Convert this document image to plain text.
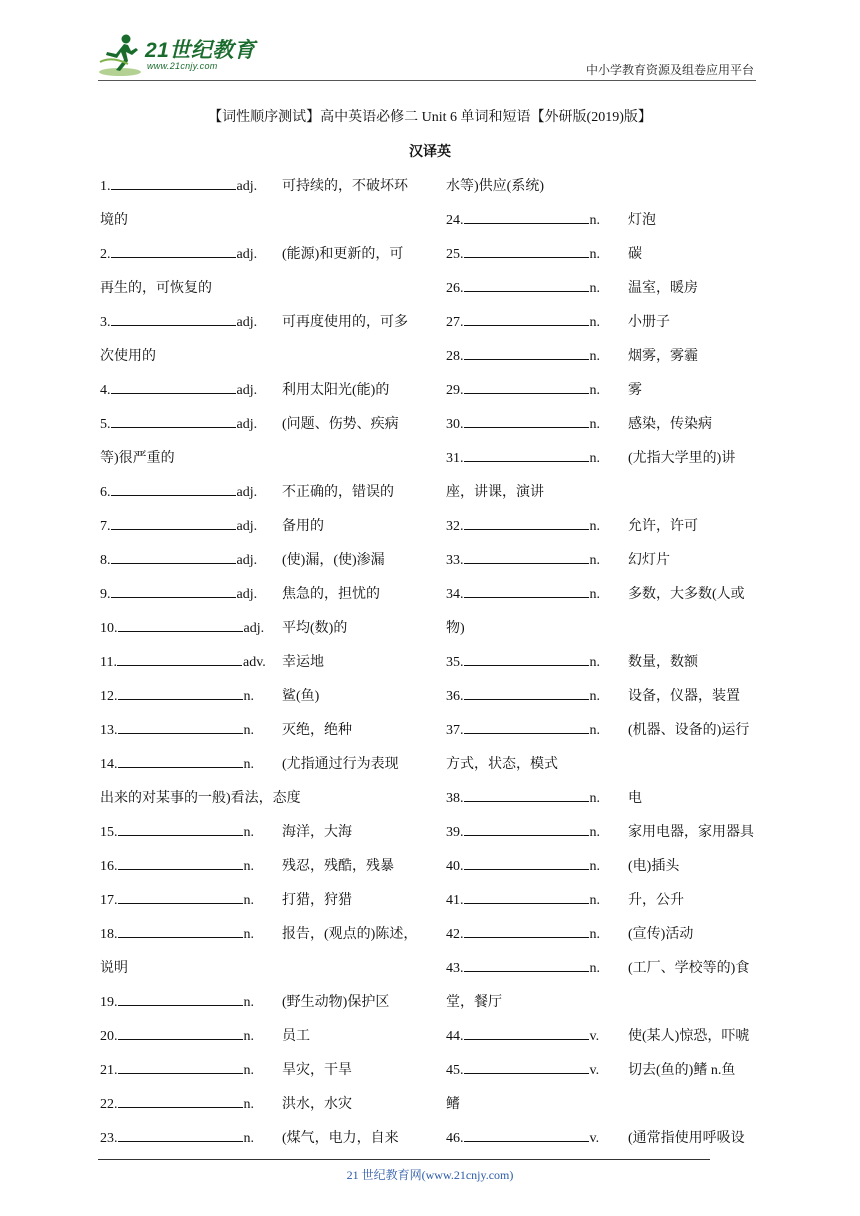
21世纪教育
www.21cnjy.com	中小学教育资源及组卷应用平台
【词性顺序测试】高中英语必修二 Unit 6 单词和短语【外研版(2019)版】
汉译英
1.	adj. 可持续的，不破坏环
境的
2.	adj. (能源)和更新的，可
再生的，可恢复的
3.	adj. 可再度使用的，可多
次使用的
4.	adj. 利用太阳光(能)的
5.	adj. (问题、伤势、疾病
等)很严重的
6.	adj. 不正确的，错误的
7.	adj. 备用的
8.	adj. (使)漏，(使)渗漏
9.	adj. 焦急的，担忧的
10.	adj. 平均(数)的
11.	adv. 幸运地
12.	n. 鲨(鱼)
13.	n. 灭绝，绝种
14.	n. (尤指通过行为表现
出来的对某事的一般)看法，态度
15.	n. 海洋，大海
16.	n. 残忍，残酷，残暴
17.	n. 打猎，狩猎
18.	n. 报告，(观点的)陈述，
说明
19.	n. (野生动物)保护区
20.	n. 员工
21.	n. 旱灾，干旱
22.	n. 洪水，水灾
23.	n. (煤气，电力，自来
水等)供应(系统)
24.	n. 灯泡
25.	n. 碳
26.	n. 温室，暖房
27.	n. 小册子
28.	n. 烟雾，雾霾
29.	n. 雾
30.	n. 感染，传染病
31.	n. (尤指大学里的)讲
座，讲课，演讲
32.	n. 允许，许可
33.	n. 幻灯片
34.	n. 多数，大多数(人或
物)
35.	n. 数量，数额
36.	n. 设备，仪器，装置
37.	n. (机器、设备的)运行
方式，状态，模式
38.	n. 电
39.	n. 家用电器，家用器具
40.	n. (电)插头
41.	n. 升，公升
42.	n. (宣传)活动
43.	n. (工厂、学校等的)食
堂，餐厅
44.	v. 使(某人)惊恐，吓唬
45.	v. 切去(鱼的)鳍 n.鱼
鳍
46.	v. (通常指使用呼吸设
21 世纪教育网(www.21cnjy.com)
